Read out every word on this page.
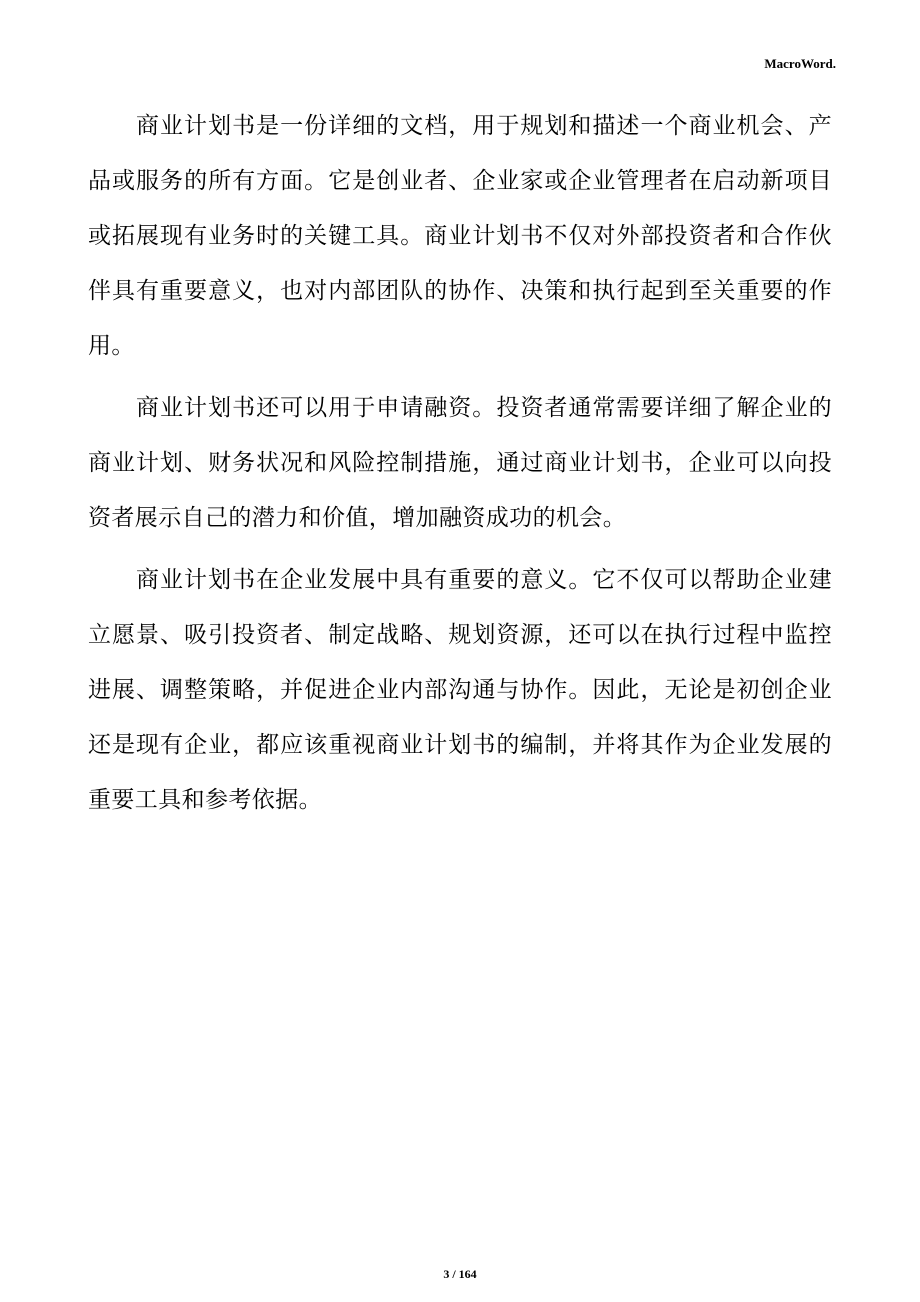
MacroWord.

商业计划书是一份详细的文档，用于规划和描述一个商业机会、产品或服务的所有方面。它是创业者、企业家或企业管理者在启动新项目或拓展现有业务时的关键工具。商业计划书不仅对外部投资者和合作伙伴具有重要意义，也对内部团队的协作、决策和执行起到至关重要的作用。

商业计划书还可以用于申请融资。投资者通常需要详细了解企业的商业计划、财务状况和风险控制措施，通过商业计划书，企业可以向投资者展示自己的潜力和价值，增加融资成功的机会。

商业计划书在企业发展中具有重要的意义。它不仅可以帮助企业建立愿景、吸引投资者、制定战略、规划资源，还可以在执行过程中监控进展、调整策略，并促进企业内部沟通与协作。因此，无论是初创企业还是现有企业，都应该重视商业计划书的编制，并将其作为企业发展的重要工具和参考依据。

3 / 164
